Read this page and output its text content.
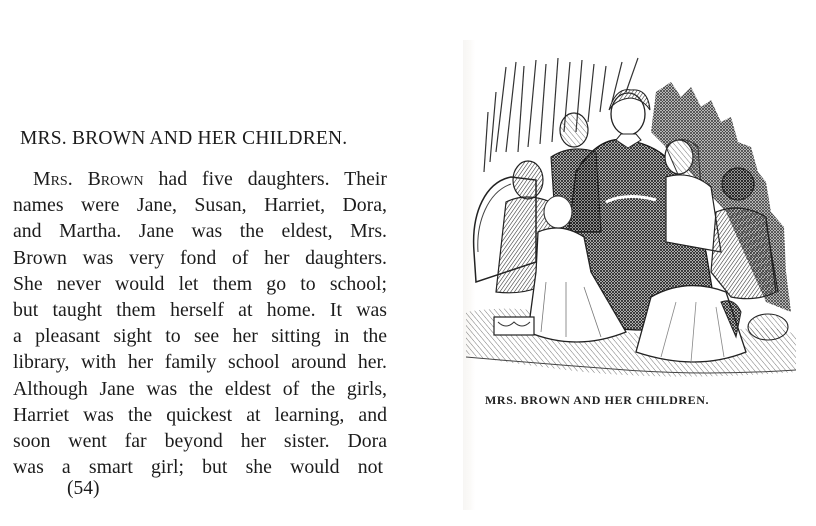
MRS. BROWN AND HER CHILDREN.
Mrs. Brown had five daughters. Their
names were Jane, Susan, Harriet, Dora,
and Martha. Jane was the eldest, Mrs.
Brown was very fond of her daughters.
She never would let them go to school;
but taught them herself at home. It was
a pleasant sight to see her sitting in the
library, with her family school around her.
Although Jane was the eldest of the girls,
Harriet was the quickest at learning, and
soon went far beyond her sister. Dora
was a smart girl; but she would not
(54)
MRS. BROWN AND HER CHILDREN.
